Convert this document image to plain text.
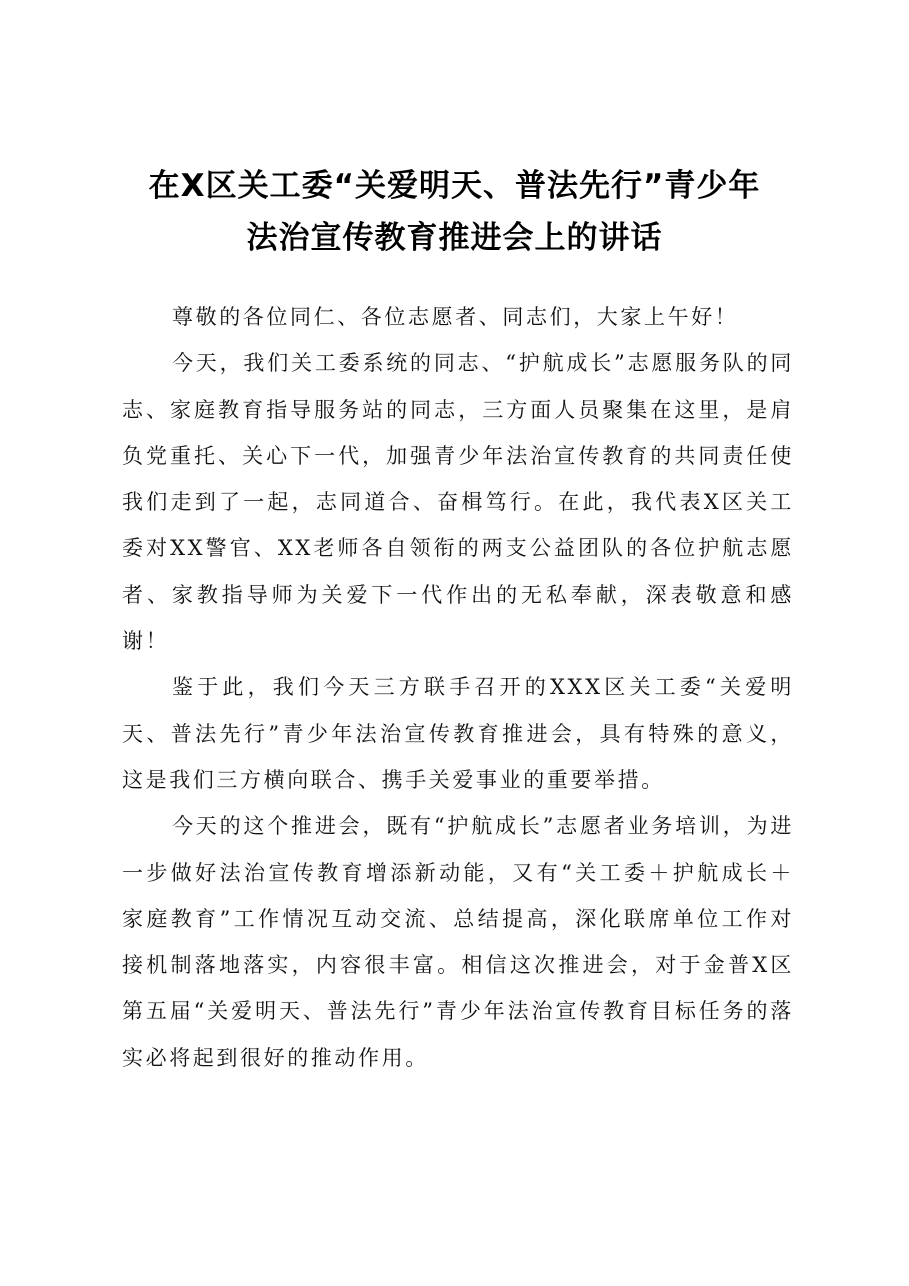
在X区关工委“关爱明天、普法先行”青少年
法治宣传教育推进会上的讲话

尊敬的各位同仁、各位志愿者、同志们，大家上午好！

今天，我们关工委系统的同志、“护航成长”志愿服务队的同志、家庭教育指导服务站的同志，三方面人员聚集在这里，是肩负党重托、关心下一代，加强青少年法治宣传教育的共同责任使我们走到了一起，志同道合、奋楫笃行。在此，我代表X区关工委对XX警官、XX老师各自领衔的两支公益团队的各位护航志愿者、家教指导师为关爱下一代作出的无私奉献，深表敬意和感谢！

鉴于此，我们今天三方联手召开的XXX区关工委“关爱明天、普法先行”青少年法治宣传教育推进会，具有特殊的意义，这是我们三方横向联合、携手关爱事业的重要举措。

今天的这个推进会，既有“护航成长”志愿者业务培训，为进一步做好法治宣传教育增添新动能，又有“关工委＋护航成长＋家庭教育”工作情况互动交流、总结提高，深化联席单位工作对接机制落地落实，内容很丰富。相信这次推进会，对于金普X区第五届“关爱明天、普法先行”青少年法治宣传教育目标任务的落实必将起到很好的推动作用。
